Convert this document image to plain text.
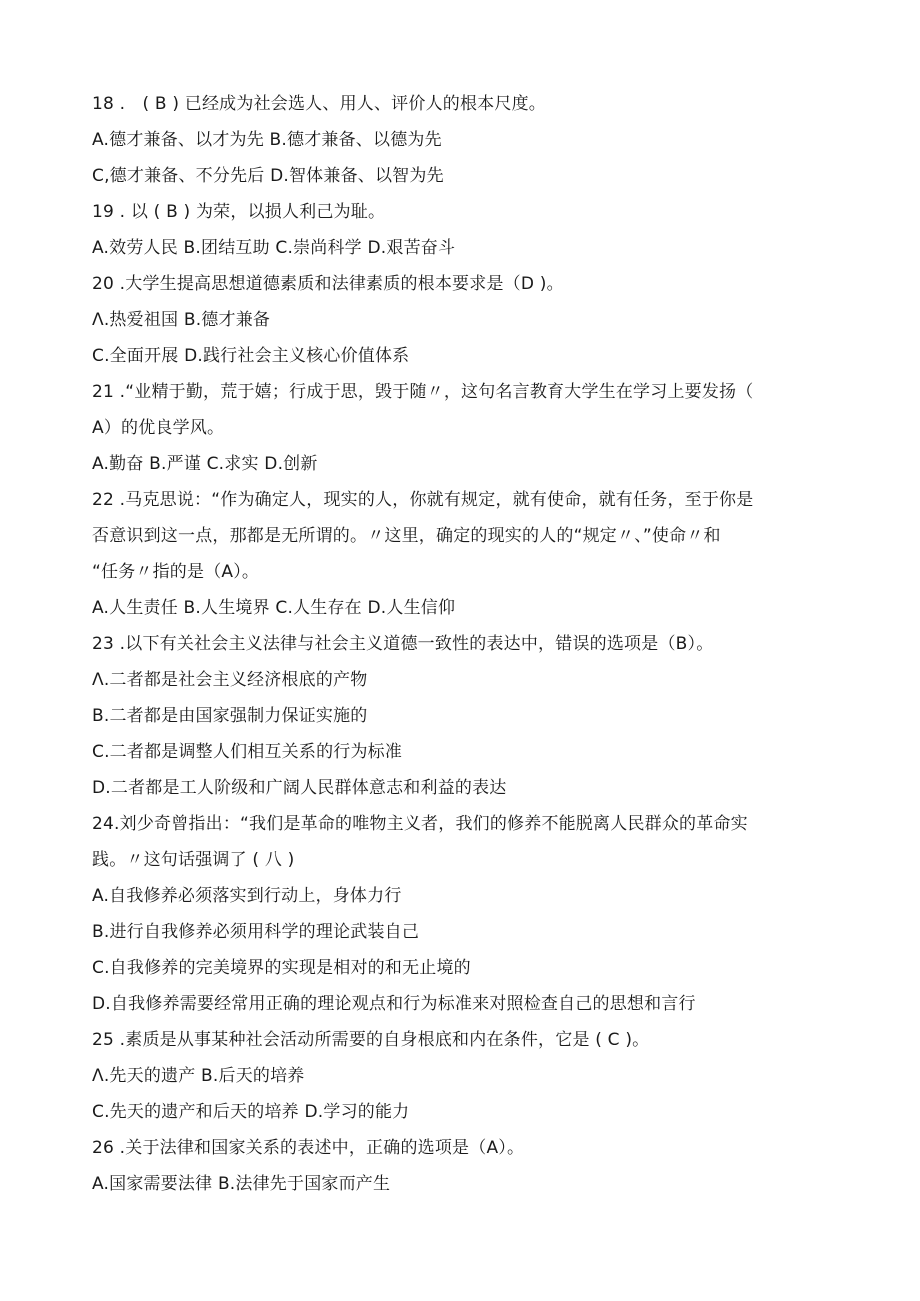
18 .　( B ) 已经成为社会选人、用人、评价人的根本尺度。
A.德才兼备、以才为先 B.德才兼备、以德为先
C,德才兼备、不分先后 D.智体兼备、以智为先
19 . 以 ( B ) 为荣，以损人利己为耻。
A.效劳人民 B.团结互助 C.崇尚科学 D.艰苦奋斗
20 .大学生提高思想道德素质和法律素质的根本要求是（D )。
Λ.热爱祖国 B.德才兼备
C.全面开展 D.践行社会主义核心价值体系
21 .“业精于勤，荒于嬉；行成于思，毁于随〃，这句名言教育大学生在学习上要发扬（
A）的优良学风。
A.勤奋 B.严谨 C.求实 D.创新
22 .马克思说：“作为确定人，现实的人，你就有规定，就有使命，就有任务，至于你是
否意识到这一点，那都是无所谓的。〃这里，确定的现实的人的“规定〃、”使命〃和
“任务〃指的是（A）。
A.人生责任 B.人生境界 C.人生存在 D.人生信仰
23 .以下有关社会主义法律与社会主义道德一致性的表达中，错误的选项是（B）。
Λ.二者都是社会主义经济根底的产物
B.二者都是由国家强制力保证实施的
C.二者都是调整人们相互关系的行为标准
D.二者都是工人阶级和广阔人民群体意志和利益的表达
24.刘少奇曾指出：“我们是革命的唯物主义者，我们的修养不能脱离人民群众的革命实
践。〃这句话强调了 ( 八 )
A.自我修养必须落实到行动上，身体力行
B.进行自我修养必须用科学的理论武装自己
C.自我修养的完美境界的实现是相对的和无止境的
D.自我修养需要经常用正确的理论观点和行为标准来对照检查自己的思想和言行
25 .素质是从事某种社会活动所需要的自身根底和内在条件，它是 ( C )。
Λ.先天的遗产 B.后天的培养
C.先天的遗产和后天的培养 D.学习的能力
26 .关于法律和国家关系的表述中，正确的选项是（A）。
A.国家需要法律 B.法律先于国家而产生
